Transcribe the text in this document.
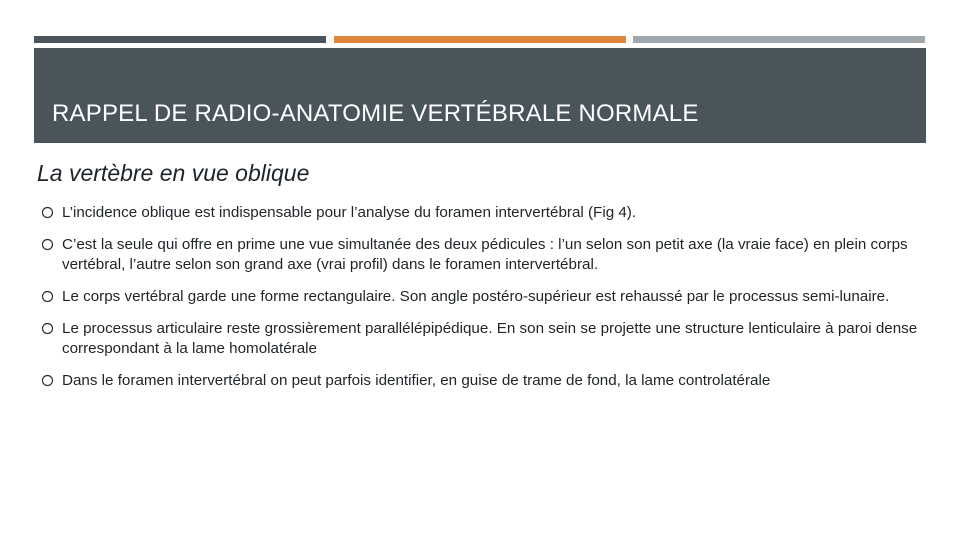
RAPPEL DE RADIO-ANATOMIE VERTÉBRALE NORMALE
La vertèbre en vue oblique
L’incidence oblique est indispensable pour l’analyse du foramen intervertébral (Fig 4).
C’est la seule qui offre en prime une vue simultanée des deux pédicules : l’un selon son petit axe (la vraie face) en plein corps vertébral, l’autre selon son grand axe (vrai profil) dans le foramen intervertébral.
Le corps vertébral garde une forme rectangulaire. Son angle postéro-supérieur est rehaussé par le processus semi-lunaire.
Le processus articulaire reste grossièrement parallélépipédique. En son sein se projette une structure lenticulaire à paroi dense correspondant à la lame homolatérale
Dans le foramen intervertébral on peut parfois identifier, en guise de trame de fond, la lame controlatérale
